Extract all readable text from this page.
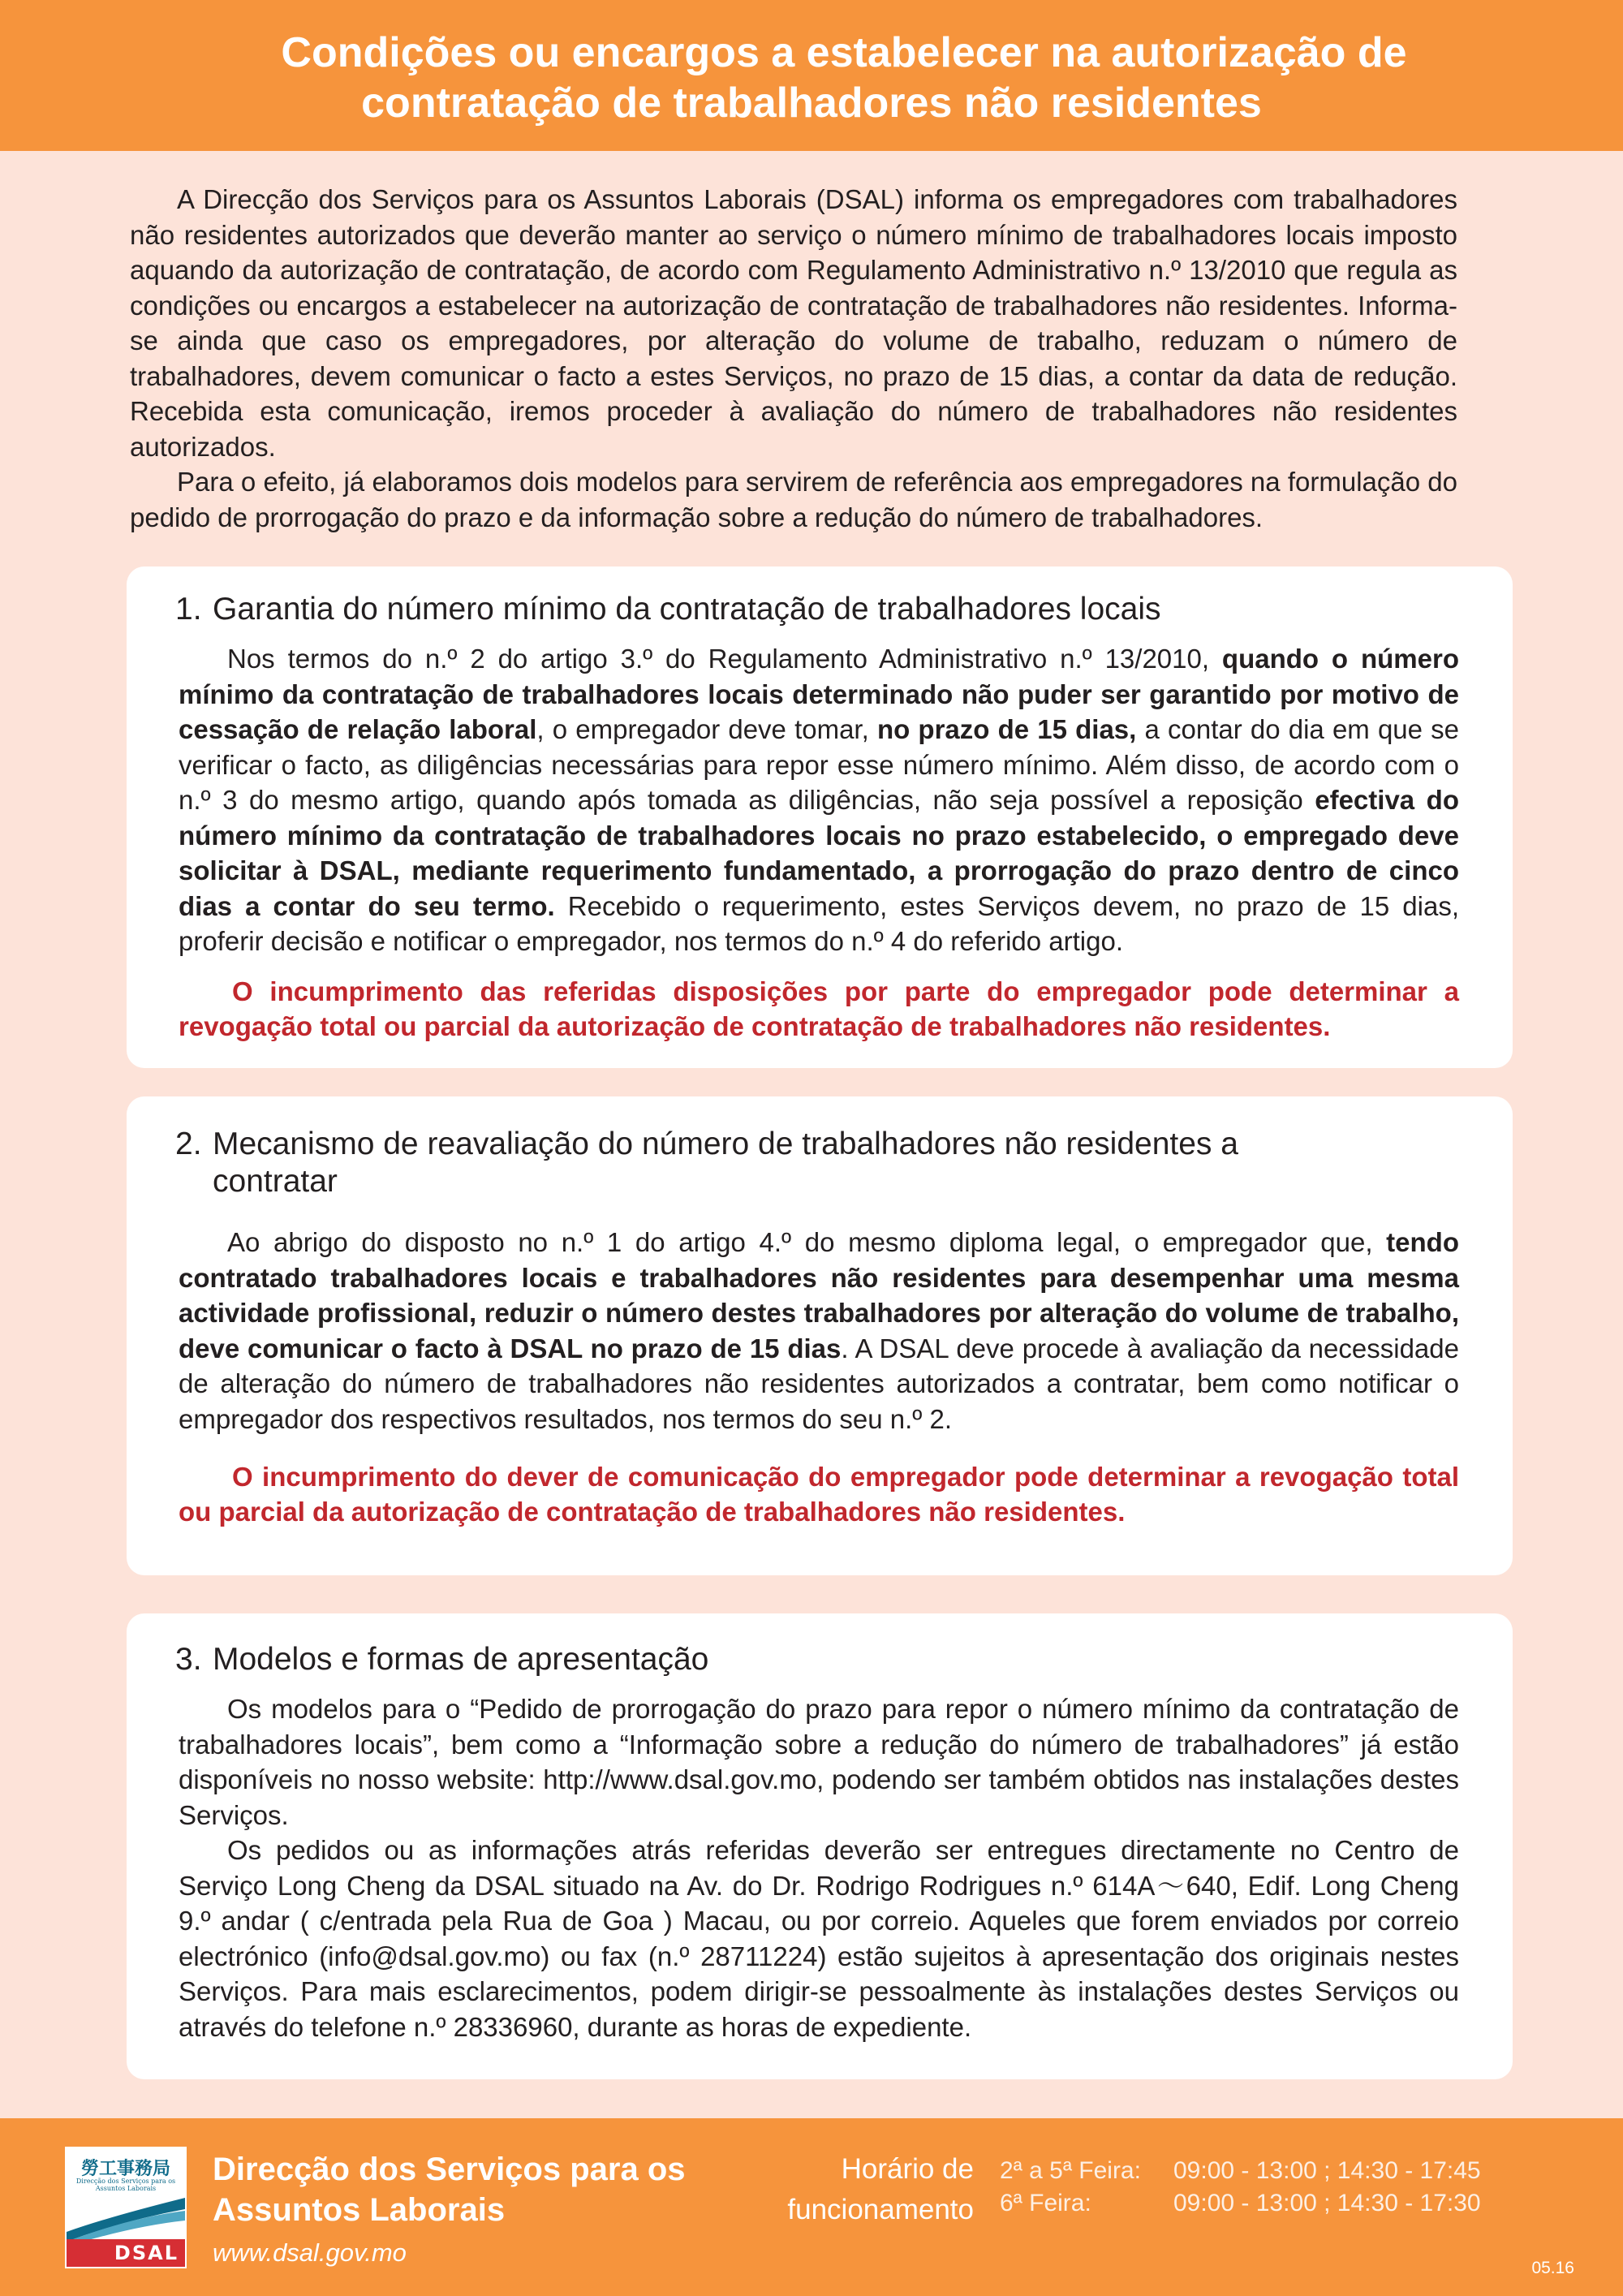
Condições ou encargos a estabelecer na autorização de
contratação de trabalhadores não residentes

A Direcção dos Serviços para os Assuntos Laborais (DSAL) informa os empregadores com trabalhadores não residentes autorizados que deverão manter ao serviço o número mínimo de trabalhadores locais imposto aquando da autorização de contratação, de acordo com Regulamento Administrativo n.º 13/2010 que regula as condições ou encargos a estabelecer na autorização de contratação de trabalhadores não residentes. Informa-se ainda que caso os empregadores, por alteração do volume de trabalho, reduzam o número de trabalhadores, devem comunicar o facto a estes Serviços, no prazo de 15 dias, a contar da data de redução. Recebida esta comunicação, iremos proceder à avaliação do número de trabalhadores não residentes autorizados.

Para o efeito, já elaboramos dois modelos para servirem de referência aos empregadores na formulação do pedido de prorrogação do prazo e da informação sobre a redução do número de trabalhadores.

1. Garantia do número mínimo da contratação de trabalhadores locais

Nos termos do n.º 2 do artigo 3.º do Regulamento Administrativo n.º 13/2010, quando o número mínimo da contratação de trabalhadores locais determinado não puder ser garantido por motivo de cessação de relação laboral, o empregador deve tomar, no prazo de 15 dias, a contar do dia em que se verificar o facto, as diligências necessárias para repor esse número mínimo. Além disso, de acordo com o n.º 3 do mesmo artigo, quando após tomada as diligências, não seja possível a reposição efectiva do número mínimo da contratação de trabalhadores locais no prazo estabelecido, o empregado deve solicitar à DSAL, mediante requerimento fundamentado, a prorrogação do prazo dentro de cinco dias a contar do seu termo. Recebido o requerimento, estes Serviços devem, no prazo de 15 dias, proferir decisão e notificar o empregador, nos termos do n.º 4 do referido artigo.

O incumprimento das referidas disposições por parte do empregador pode determinar a revogação total ou parcial da autorização de contratação de trabalhadores não residentes.
2. Mecanismo de reavaliação do número de trabalhadores não residentes a
contratar

Ao abrigo do disposto no n.º 1 do artigo 4.º do mesmo diploma legal, o empregador que, tendo contratado trabalhadores locais e trabalhadores não residentes para desempenhar uma mesma actividade profissional, reduzir o número destes trabalhadores por alteração do volume de trabalho, deve comunicar o facto à DSAL no prazo de 15 dias. A DSAL deve procede à avaliação da necessidade de alteração do número de trabalhadores não residentes autorizados a contratar, bem como notificar o empregador dos respectivos resultados, nos termos do seu n.º 2.

O incumprimento do dever de comunicação do empregador pode determinar a revogação total ou parcial da autorização de contratação de trabalhadores não residentes.
3. Modelos e formas de apresentação

Os modelos para o “Pedido de prorrogação do prazo para repor o número mínimo da contratação de trabalhadores locais”, bem como a “Informação sobre a redução do número de trabalhadores” já estão disponíveis no nosso website: http://www.dsal.gov.mo, podendo ser também obtidos nas instalações destes Serviços.

Os pedidos ou as informações atrás referidas deverão ser entregues directamente no Centro de Serviço Long Cheng da DSAL situado na Av. do Dr. Rodrigo Rodrigues n.º 614A～640, Edif. Long Cheng 9.º andar ( c/entrada pela Rua de Goa ) Macau, ou por correio. Aqueles que forem enviados por correio electrónico (info@dsal.gov.mo) ou fax (n.º 28711224) estão sujeitos à apresentação dos originais nestes Serviços. Para mais esclarecimentos, podem dirigir-se pessoalmente às instalações destes Serviços ou através do telefone n.º 28336960, durante as horas de expediente.

勞工事務局
Direcção dos Serviços para os Assuntos Laborais
DSAL
Direcção dos Serviços para os
Assuntos Laborais
www.dsal.gov.mo
Horário de
funcionamento
2ª a 5ª Feira: 09:00 - 13:00 ; 14:30 - 17:45
6ª Feira:	09:00 - 13:00 ; 14:30 - 17:30
05.16
